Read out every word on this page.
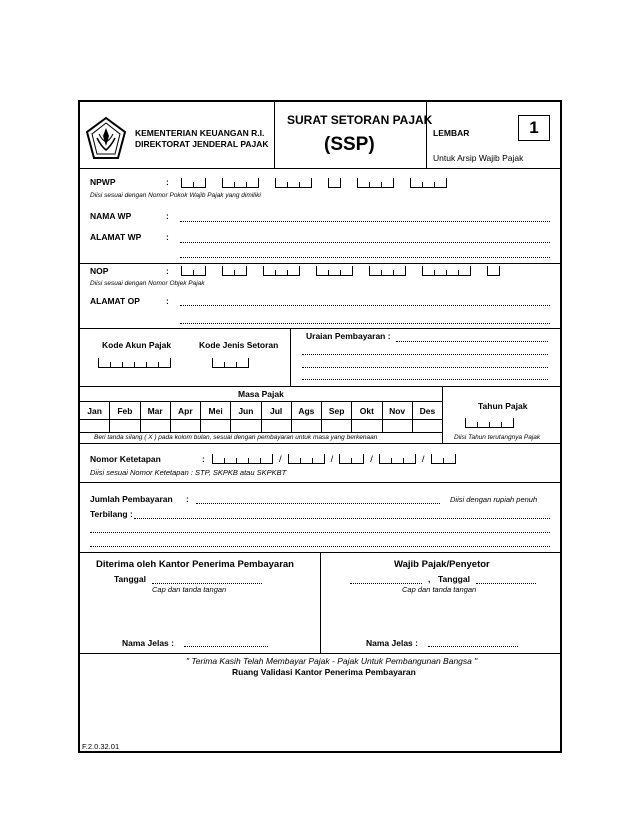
KEMENTERIAN KEUANGAN R.I.
DIREKTORAT JENDERAL PAJAK
SURAT SETORAN PAJAK
(SSP)
LEMBAR	1
Untuk Arsip Wajib Pajak
NPWP	:
Diisi sesuai dengan Nomor Pokok Wajib Pajak yang dimiliki
NAMA WP	:
ALAMAT WP	:
NOP	:
Diisi sesuai dengan Nomor Objek Pajak
ALAMAT OP	:
Kode Akun Pajak	Kode Jenis Setoran
Uraian Pembayaran :
Masa Pajak
Jan	Feb	Mar	Apr	Mei	Jun	Jul	Ags	Sep	Okt	Nov	Des	Tahun Pajak
Beri tanda silang ( X ) pada kolom bulan, sesuai dengan pembayaran untuk masa yang berkenaan	Diisi Tahun terutangnya Pajak
Nomor Ketetapan	:	/	/	/	/
Diisi sesuai Nomor Ketetapan : STP, SKPKB atau SKPKBT
Jumlah Pembayaran :	Diisi dengan rupiah penuh
Terbilang :
Diterima oleh Kantor Penerima Pembayaran
Tanggal
Cap dan tanda tangan
Nama Jelas :
Wajib Pajak/Penyetor
, Tanggal
Cap dan tanda tangan
Nama Jelas :
" Terima Kasih Telah Membayar Pajak - Pajak Untuk Pembangunan Bangsa "
Ruang Validasi Kantor Penerima Pembayaran
F.2.0.32.01
